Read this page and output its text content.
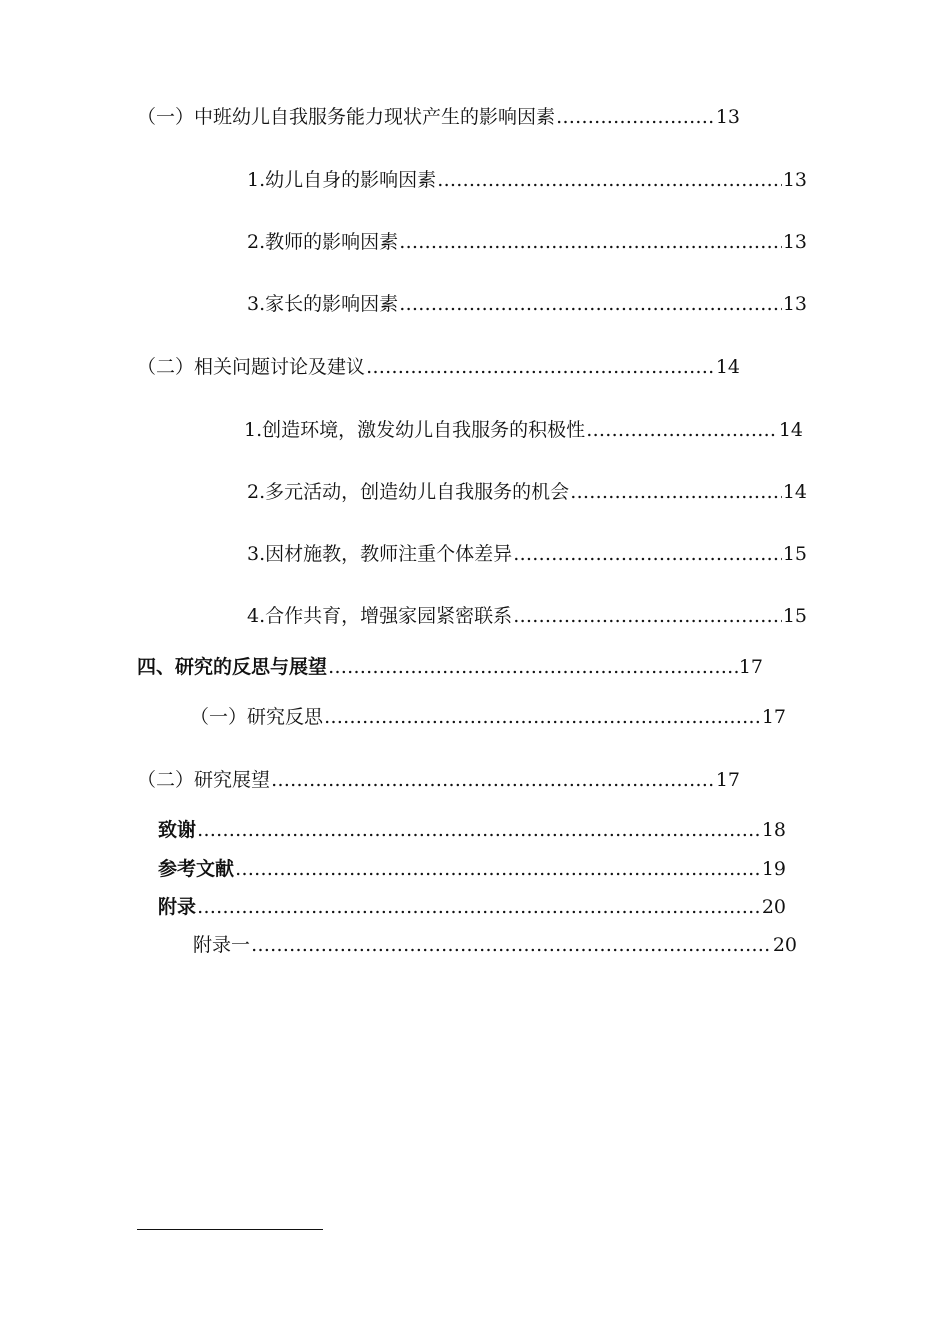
（一）中班幼儿自我服务能力现状产生的影响因素 ……………………………………………………………………………………………………………………………………………………………………………………………………	13
1.幼儿自身的影响因素 ……………………………………………………………………………………………………………………………………………………………………………………………………	13
2.教师的影响因素 ……………………………………………………………………………………………………………………………………………………………………………………………………	13
3.家长的影响因素 ……………………………………………………………………………………………………………………………………………………………………………………………………	13
（二）相关问题讨论及建议 ……………………………………………………………………………………………………………………………………………………………………………………………………	14
1.创造环境，激发幼儿自我服务的积极性 ……………………………………………………………………………………………………………………………………………………………………………………………………	14
2.多元活动，创造幼儿自我服务的机会 ……………………………………………………………………………………………………………………………………………………………………………………………………	14
3.因材施教，教师注重个体差异 ……………………………………………………………………………………………………………………………………………………………………………………………………	15
4.合作共育，增强家园紧密联系 ……………………………………………………………………………………………………………………………………………………………………………………………………	15
四、研究的反思与展望 ……………………………………………………………………………………………………………………………………………………………………………………………………	17
（一）研究反思 ……………………………………………………………………………………………………………………………………………………………………………………………………	17
（二）研究展望 ……………………………………………………………………………………………………………………………………………………………………………………………………	17
致谢 ……………………………………………………………………………………………………………………………………………………………………………………………………	18
参考文献 ……………………………………………………………………………………………………………………………………………………………………………………………………	19
附录 ……………………………………………………………………………………………………………………………………………………………………………………………………	20
附录一 ……………………………………………………………………………………………………………………………………………………………………………………………………	20
